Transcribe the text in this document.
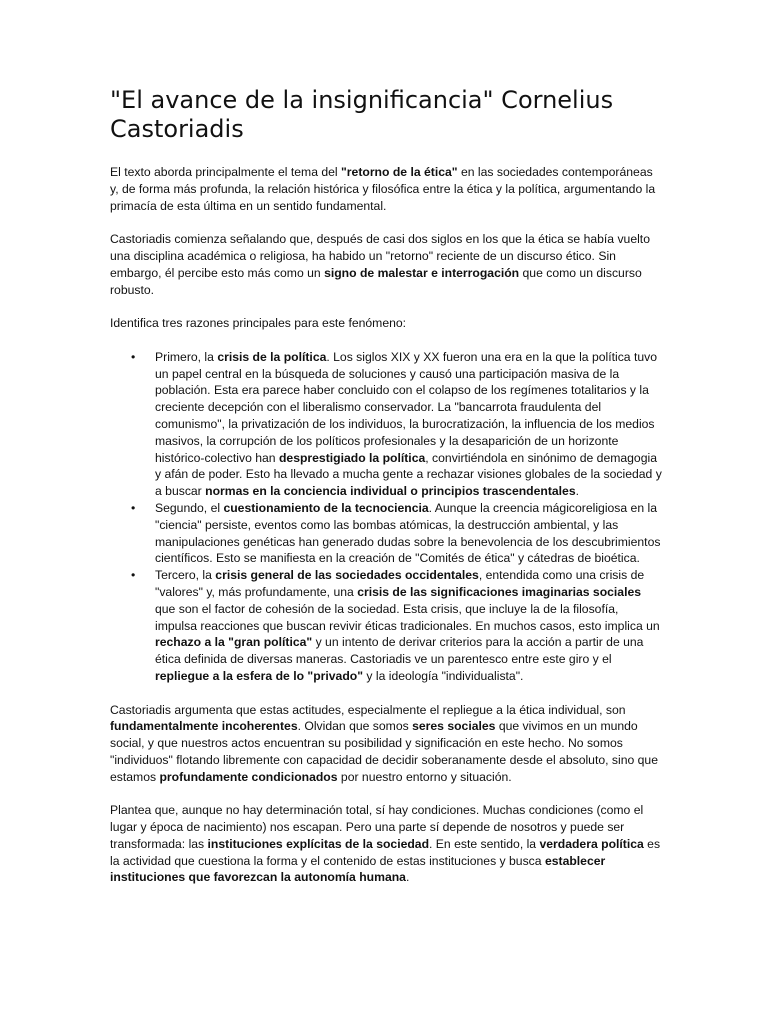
"El avance de la insignificancia" Cornelius Castoriadis

El texto aborda principalmente el tema del "retorno de la ética" en las sociedades contemporáneas y, de forma más profunda, la relación histórica y filosófica entre la ética y la política, argumentando la primacía de esta última en un sentido fundamental.

Castoriadis comienza señalando que, después de casi dos siglos en los que la ética se había vuelto una disciplina académica o religiosa, ha habido un "retorno" reciente de un discurso ético. Sin embargo, él percibe esto más como un signo de malestar e interrogación que como un discurso robusto.

Identifica tres razones principales para este fenómeno:

• Primero, la crisis de la política. Los siglos XIX y XX fueron una era en la que la política tuvo un papel central en la búsqueda de soluciones y causó una participación masiva de la población. Esta era parece haber concluido con el colapso de los regímenes totalitarios y la creciente decepción con el liberalismo conservador. La "bancarrota fraudulenta del comunismo", la privatización de los individuos, la burocratización, la influencia de los medios masivos, la corrupción de los políticos profesionales y la desaparición de un horizonte histórico-colectivo han desprestigiado la política, convirtiéndola en sinónimo de demagogia y afán de poder. Esto ha llevado a mucha gente a rechazar visiones globales de la sociedad y a buscar normas en la conciencia individual o principios trascendentales.
• Segundo, el cuestionamiento de la tecnociencia. Aunque la creencia mágicoreligiosa en la "ciencia" persiste, eventos como las bombas atómicas, la destrucción ambiental, y las manipulaciones genéticas han generado dudas sobre la benevolencia de los descubrimientos científicos. Esto se manifiesta en la creación de "Comités de ética" y cátedras de bioética.
• Tercero, la crisis general de las sociedades occidentales, entendida como una crisis de "valores" y, más profundamente, una crisis de las significaciones imaginarias sociales que son el factor de cohesión de la sociedad. Esta crisis, que incluye la de la filosofía, impulsa reacciones que buscan revivir éticas tradicionales. En muchos casos, esto implica un rechazo a la "gran política" y un intento de derivar criterios para la acción a partir de una ética definida de diversas maneras. Castoriadis ve un parentesco entre este giro y el repliegue a la esfera de lo "privado" y la ideología "individualista".

Castoriadis argumenta que estas actitudes, especialmente el repliegue a la ética individual, son fundamentalmente incoherentes. Olvidan que somos seres sociales que vivimos en un mundo social, y que nuestros actos encuentran su posibilidad y significación en este hecho. No somos "individuos" flotando libremente con capacidad de decidir soberanamente desde el absoluto, sino que estamos profundamente condicionados por nuestro entorno y situación.

Plantea que, aunque no hay determinación total, sí hay condiciones. Muchas condiciones (como el lugar y época de nacimiento) nos escapan. Pero una parte sí depende de nosotros y puede ser transformada: las instituciones explícitas de la sociedad. En este sentido, la verdadera política es la actividad que cuestiona la forma y el contenido de estas instituciones y busca establecer instituciones que favorezcan la autonomía humana.
